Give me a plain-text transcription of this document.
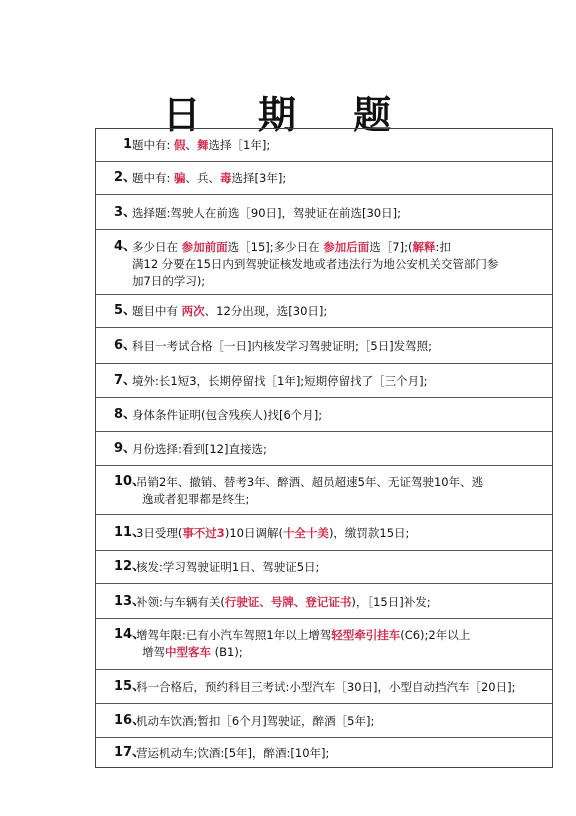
日 期 题
1 题中有: 假、舞选择［1年];
2、
题中有: 骗、兵、毒选择[3年];
3、
选择题:驾驶人在前选［90日]，驾驶证在前选[30日];
4、
多少日在 参加前面选［15];多少日在 参加后面选［7];(解释:扣
满12 分要在15日内到驾驶证核发地或者违法行为地公安机关交管部门参
加7日的学习);
5、
题目中有 两次、12分出现，选[30日];
6、
科目一考试合格［一日]内核发学习驾驶证明;［5日]发驾照;
7、
境外:长1短3，长期停留找［1年];短期停留找了［三个月];
8、
身体条件证明(包含残疾人)找[6个月];
9、
月份选择:看到[12]直接选;
10、
吊销2年、撤销、替考3年、醉酒、超员超速5年、无证驾驶10年、逃
逸或者犯罪都是终生;
11、
3日受理(事不过3)10日调解(十全十美)，缴罚款15日;
12、
核发:学习驾驶证明1日、驾驶证5日;
13、
补领:与车辆有关(行驶证、号牌、登记证书)，［15日]补发;
14、
增驾年限:已有小汽车驾照1年以上增驾轻型牵引挂车(C6);2年以上
增驾中型客车 (B1);
15、
科一合格后，预约科目三考试:小型汽车［30日]，小型自动挡汽车［20日];
16、
机动车饮酒;暂扣［6个月]驾驶证，醉酒［5年];
17、
营运机动车;饮酒:[5年]，醉酒:[10年];
